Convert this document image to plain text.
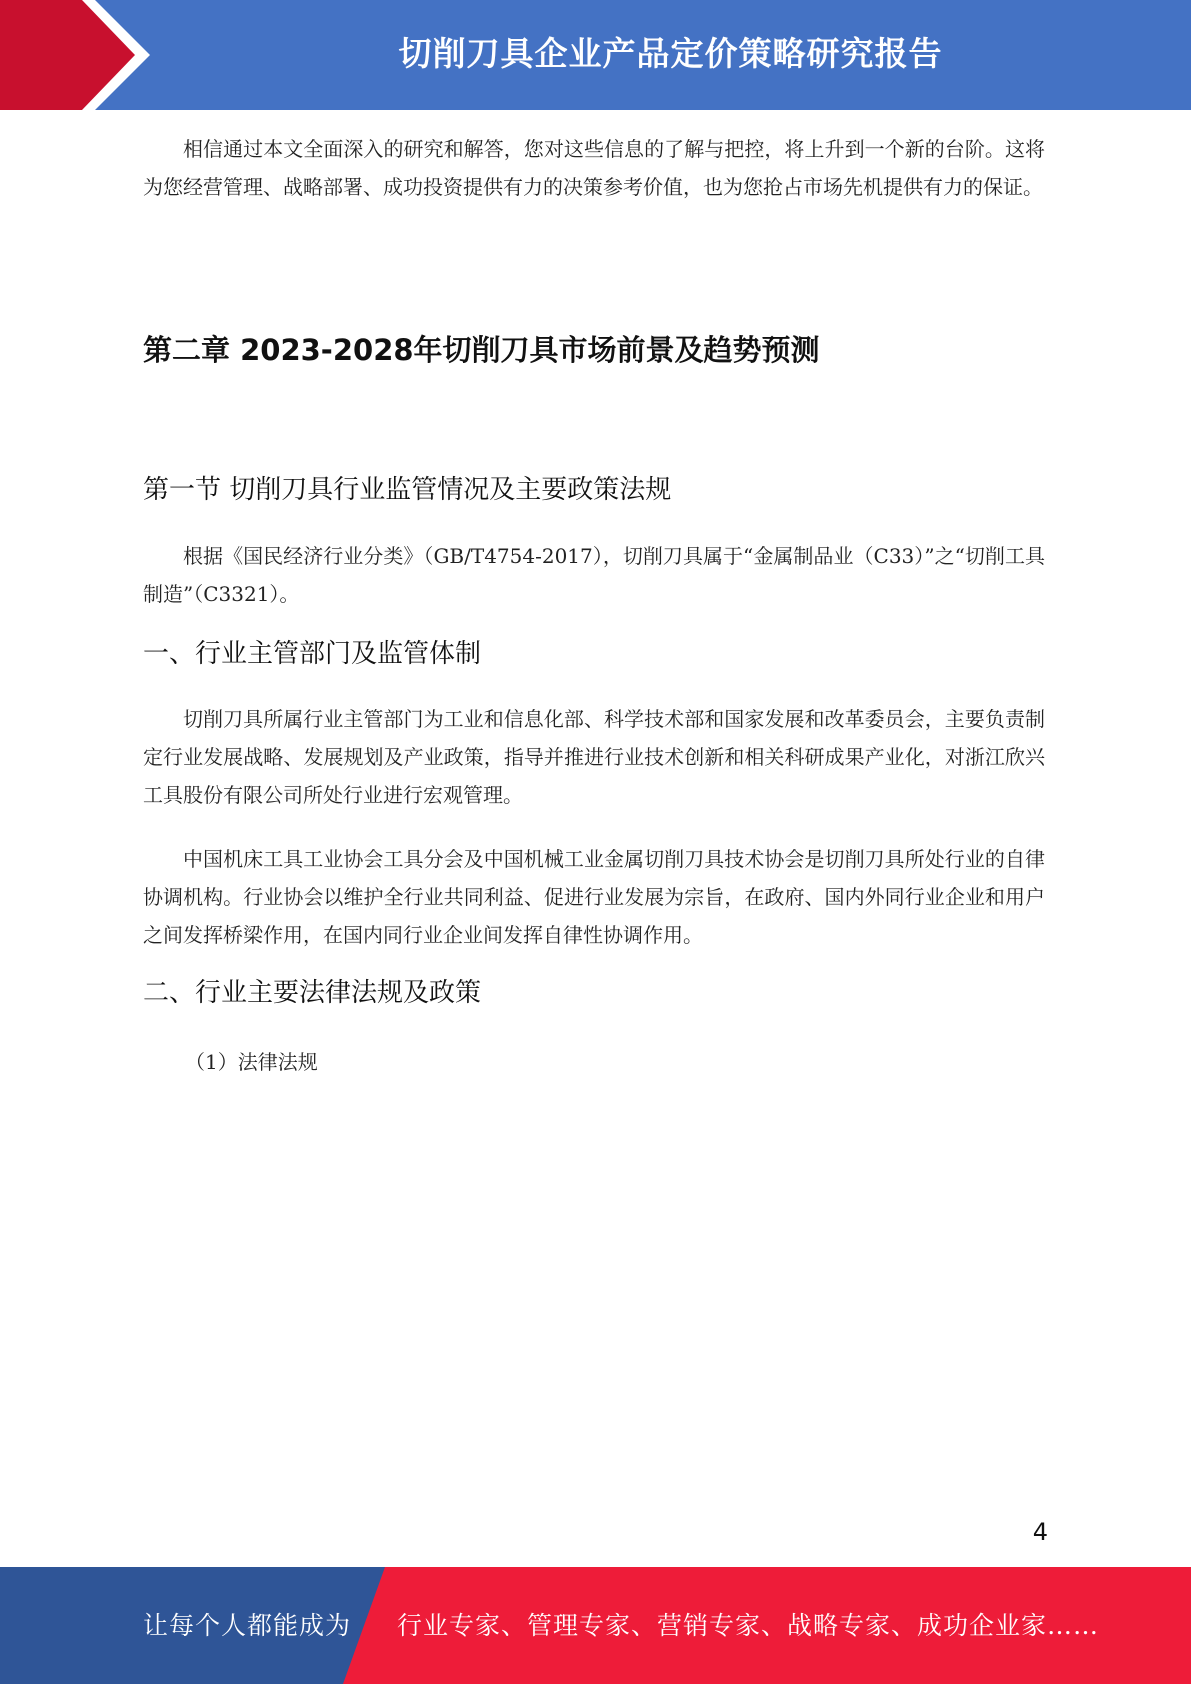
切削刀具企业产品定价策略研究报告

相信通过本文全面深入的研究和解答，您对这些信息的了解与把控，将上升到一个新的台阶。这将为您经营管理、战略部署、成功投资提供有力的决策参考价值，也为您抢占市场先机提供有力的保证。

第二章 2023-2028年切削刀具市场前景及趋势预测
第一节 切削刀具行业监管情况及主要政策法规

根据《国民经济行业分类》（GB/T4754-2017），切削刀具属于“金属制品业（C33）”之“切削工具制造”（C3321）。

一、行业主管部门及监管体制

切削刀具所属行业主管部门为工业和信息化部、科学技术部和国家发展和改革委员会，主要负责制定行业发展战略、发展规划及产业政策，指导并推进行业技术创新和相关科研成果产业化，对浙江欣兴工具股份有限公司所处行业进行宏观管理。

中国机床工具工业协会工具分会及中国机械工业金属切削刀具技术协会是切削刀具所处行业的自律协调机构。行业协会以维护全行业共同利益、促进行业发展为宗旨，在政府、国内外同行业企业和用户之间发挥桥梁作用，在国内同行业企业间发挥自律性协调作用。

二、行业主要法律法规及政策

（1）法律法规

4
让每个人都能成为 行业专家、管理专家、营销专家、战略专家、成功企业家……
